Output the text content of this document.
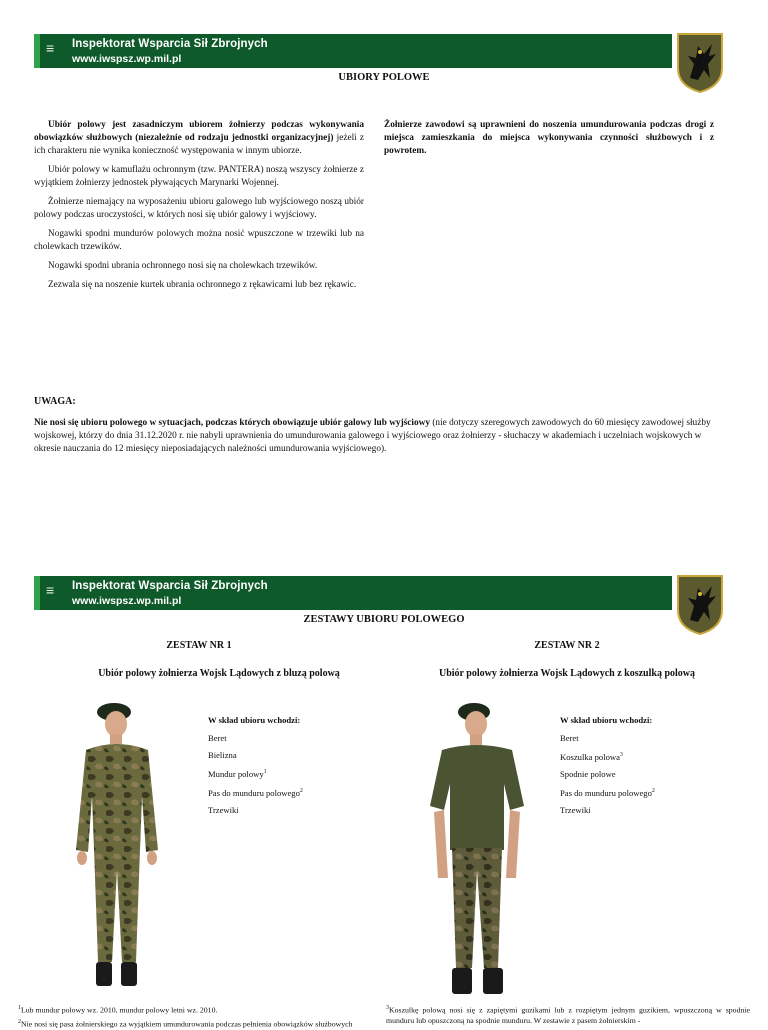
≡ Inspektorat Wsparcia Sił Zbrojnych
www.iwspsz.wp.mil.pl
UBIORY POLOWE

Ubiór polowy jest zasadniczym ubiorem żołnierzy podczas wykonywania obowiązków służbowych (niezależnie od rodzaju jednostki organizacyjnej) jeżeli z ich charakteru nie wynika konieczność występowania w innym ubiorze.

Ubiór polowy w kamuflażu ochronnym (tzw. PANTERA) noszą wszyscy żołnierze z wyjątkiem żołnierzy jednostek pływających Marynarki Wojennej.

Żołnierze niemający na wyposażeniu ubioru galowego lub wyjściowego noszą ubiór polowy podczas uroczystości, w których nosi się ubiór galowy i wyjściowy.

Nogawki spodni mundurów polowych można nosić wpuszczone w trzewiki lub na cholewkach trzewików.

Nogawki spodni ubrania ochronnego nosi się na cholewkach trzewików.

Zezwala się na noszenie kurtek ubrania ochronnego z rękawicami lub bez rękawic.

Żołnierze zawodowi są uprawnieni do noszenia umundurowania podczas drogi z miejsca zamieszkania do miejsca wykonywania czynności służbowych i z powrotem.
UWAGA:
Nie nosi się ubioru polowego w sytuacjach, podczas których obowiązuje ubiór galowy lub wyjściowy (nie dotyczy szeregowych zawodowych do 60 miesięcy zawodowej służby wojskowej, którzy do dnia 31.12.2020 r. nie nabyli uprawnienia do umundurowania galowego i wyjściowego oraz żołnierzy - słuchaczy w akademiach i uczelniach wojskowych w okresie nauczania do 12 miesięcy nieposiadających należności umundurowania wyjściowego).
≡ Inspektorat Wsparcia Sił Zbrojnych
www.iwspsz.wp.mil.pl
ZESTAWY UBIORU POLOWEGO
ZESTAW NR 1	ZESTAW NR 2
Ubiór polowy żołnierza Wojsk Lądowych z bluzą polową	Ubiór polowy żołnierza Wojsk Lądowych z koszulką polową
W skład ubioru wchodzi:
Beret
Bielizna
Mundur polowy$^1$
Pas do munduru polowego$^2$
Trzewiki
W skład ubioru wchodzi:
Beret
Koszulka polowa$^3$
Spodnie polowe
Pas do munduru polowego$^2$
Trzewiki
$^1$Lub mundur polowy wz. 2010, mundur polowy letni wz. 2010.
$^2$Nie nosi się pasa żołnierskiego za wyjątkiem umundurowania podczas pełnienia obowiązków służbowych
$^3$Koszulkę polową nosi się z zapiętymi guzikami lub z rozpiętym jednym guzikiem, wpuszczoną w spodnie munduru lub opuszczoną na spodnie munduru. W zestawie z pasem żołnierskim -
